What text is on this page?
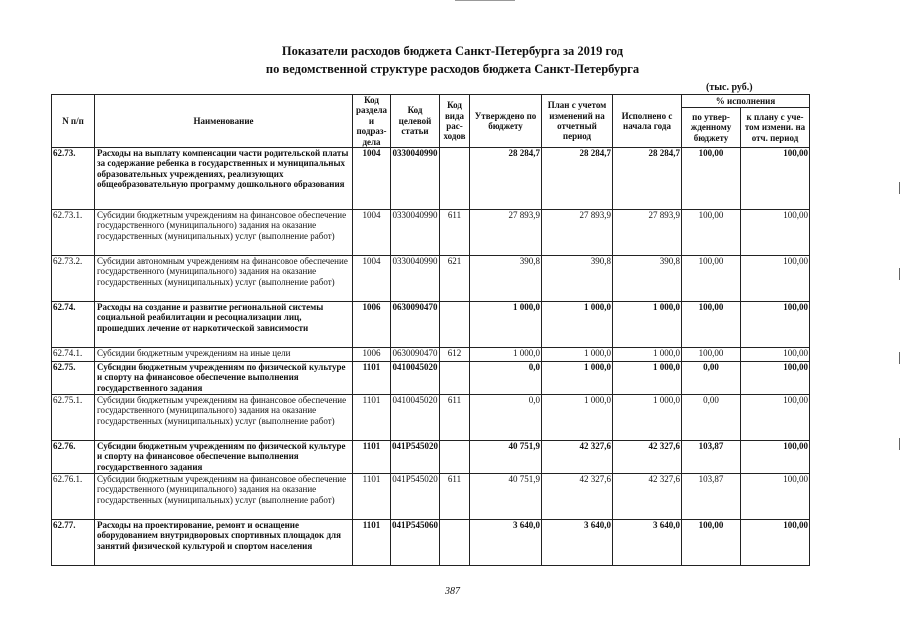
Показатели расходов бюджета Санкт-Петербурга за 2019 год
по ведомственной структуре расходов бюджета Санкт-Петербурга
(тыс. руб.)
N п/п	Наименование	Код раздела и подраз-дела	Код целевой статьи	Код вида рас-ходов	Утверждено по бюджету	План с учетом изменений на отчетный период	Исполнено с начала года	% исполнения	
								по утвер-жденному бюджету	к плану с уче-том измени. на отч. период
62.73.	Расходы на выплату компенсации части родительской платы за содержание ребенка в государственных и муниципальных образовательных учреждениях, реализующих общеобразовательную программу дошкольного образования	1004	0330040990		28 284,7	28 284,7	28 284,7	100,00	100,00
62.73.1.	Субсидии бюджетным учреждениям на финансовое обеспечение государственного (муниципального) задания на оказание государственных (муниципальных) услуг (выполнение работ)	1004	0330040990	611	27 893,9	27 893,9	27 893,9	100,00	100,00
62.73.2.	Субсидии автономным учреждениям на финансовое обеспечение государственного (муниципального) задания на оказание государственных (муниципальных) услуг (выполнение работ)	1004	0330040990	621	390,8	390,8	390,8	100,00	100,00
62.74.	Расходы на создание и развитие региональной системы социальной реабилитации и ресоциализации лиц, прошедших лечение от наркотической зависимости	1006	0630090470		1 000,0	1 000,0	1 000,0	100,00	100,00
62.74.1.	Субсидии бюджетным учреждениям на иные цели	1006	0630090470	612	1 000,0	1 000,0	1 000,0	100,00	100,00
62.75.	Субсидии бюджетным учреждениям по физической культуре и спорту на финансовое обеспечение выполнения государственного задания	1101	0410045020		0,0	1 000,0	1 000,0	0,00	100,00
62.75.1.	Субсидии бюджетным учреждениям на финансовое обеспечение государственного (муниципального) задания на оказание государственных (муниципальных) услуг (выполнение работ)	1101	0410045020	611	0,0	1 000,0	1 000,0	0,00	100,00
62.76.	Субсидии бюджетным учреждениям по физической культуре и спорту на финансовое обеспечение выполнения государственного задания	1101	041P545020		40 751,9	42 327,6	42 327,6	103,87	100,00
62.76.1.	Субсидии бюджетным учреждениям на финансовое обеспечение государственного (муниципального) задания на оказание государственных (муниципальных) услуг (выполнение работ)	1101	041P545020	611	40 751,9	42 327,6	42 327,6	103,87	100,00
62.77.	Расходы на проектирование, ремонт и оснащение оборудованием внутридворовых спортивных площадок для занятий физической культурой и спортом населения	1101	041P545060		3 640,0	3 640,0	3 640,0	100,00	100,00
387
